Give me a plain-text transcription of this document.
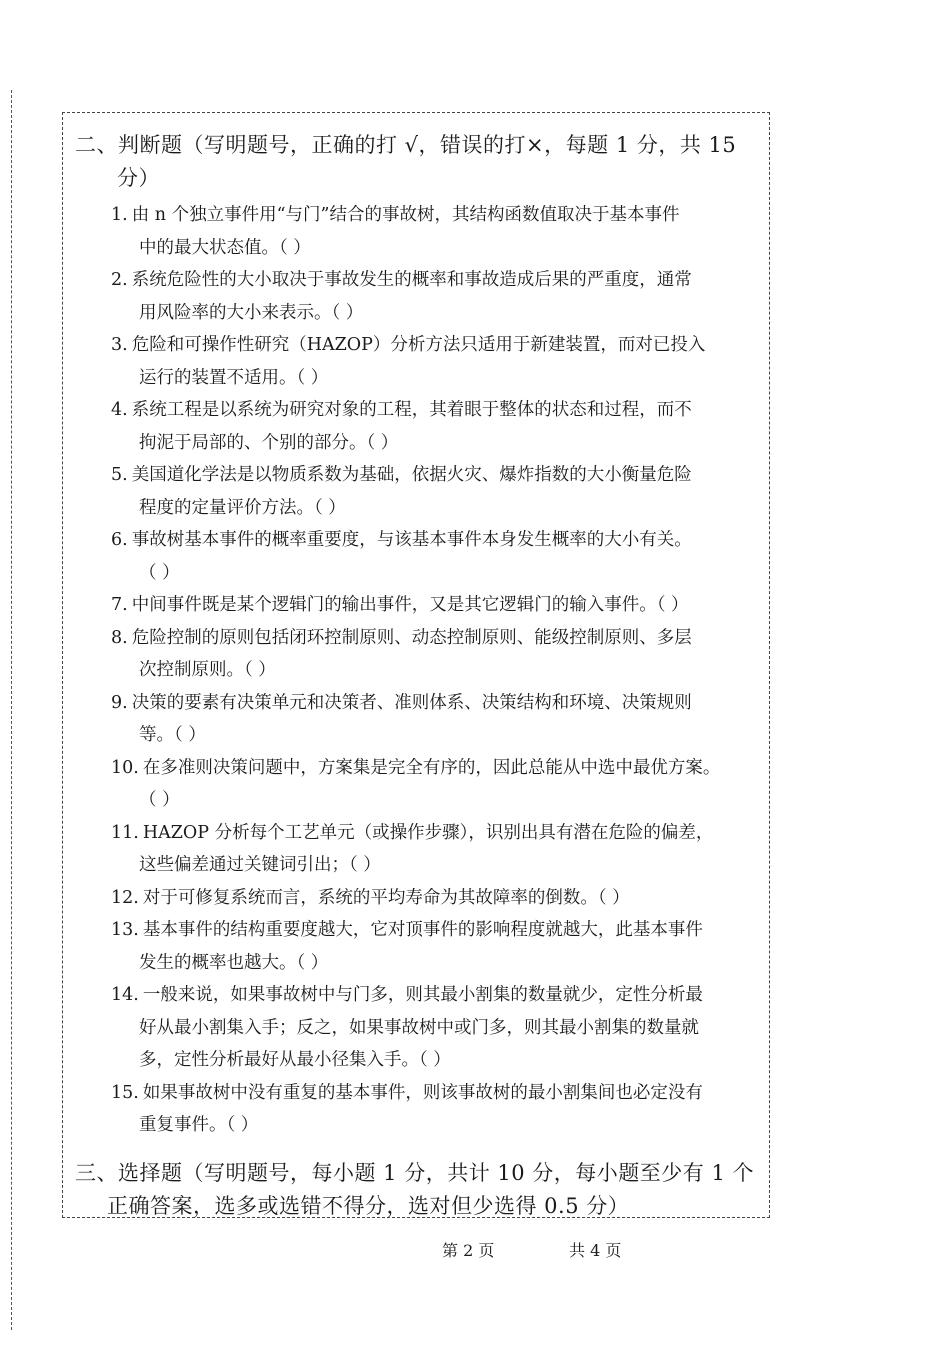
二、判断题（写明题号，正确的打 √，错误的打×，每题 1 分，共 15
分）
1. 由 n 个独立事件用“与门”结合的事故树，其结构函数值取决于基本事件
中的最大状态值。（ ）
2. 系统危险性的大小取决于事故发生的概率和事故造成后果的严重度，通常
用风险率的大小来表示。（ ）
3. 危险和可操作性研究（HAZOP）分析方法只适用于新建装置，而对已投入
运行的装置不适用。（ ）
4. 系统工程是以系统为研究对象的工程，其着眼于整体的状态和过程，而不
拘泥于局部的、个别的部分。（ ）
5. 美国道化学法是以物质系数为基础，依据火灾、爆炸指数的大小衡量危险
程度的定量评价方法。（ ）
6. 事故树基本事件的概率重要度，与该基本事件本身发生概率的大小有关。
（ ）
7. 中间事件既是某个逻辑门的输出事件，又是其它逻辑门的输入事件。（ ）
8. 危险控制的原则包括闭环控制原则、动态控制原则、能级控制原则、多层
次控制原则。（ ）
9. 决策的要素有决策单元和决策者、准则体系、决策结构和环境、决策规则
等。（ ）
10. 在多准则决策问题中，方案集是完全有序的，因此总能从中选中最优方案。
（ ）
11. HAZOP 分析每个工艺单元（或操作步骤），识别出具有潜在危险的偏差，
这些偏差通过关键词引出；（ ）
12. 对于可修复系统而言，系统的平均寿命为其故障率的倒数。（ ）
13. 基本事件的结构重要度越大，它对顶事件的影响程度就越大，此基本事件
发生的概率也越大。（ ）
14. 一般来说，如果事故树中与门多，则其最小割集的数量就少，定性分析最
好从最小割集入手；反之，如果事故树中或门多，则其最小割集的数量就
多，定性分析最好从最小径集入手。（ ）
15. 如果事故树中没有重复的基本事件，则该事故树的最小割集间也必定没有
重复事件。（ ）
三、选择题（写明题号，每小题 1 分，共计 10 分，每小题至少有 1 个
正确答案，选多或选错不得分，选对但少选得 0.5 分）
第 2 页	共 4 页
